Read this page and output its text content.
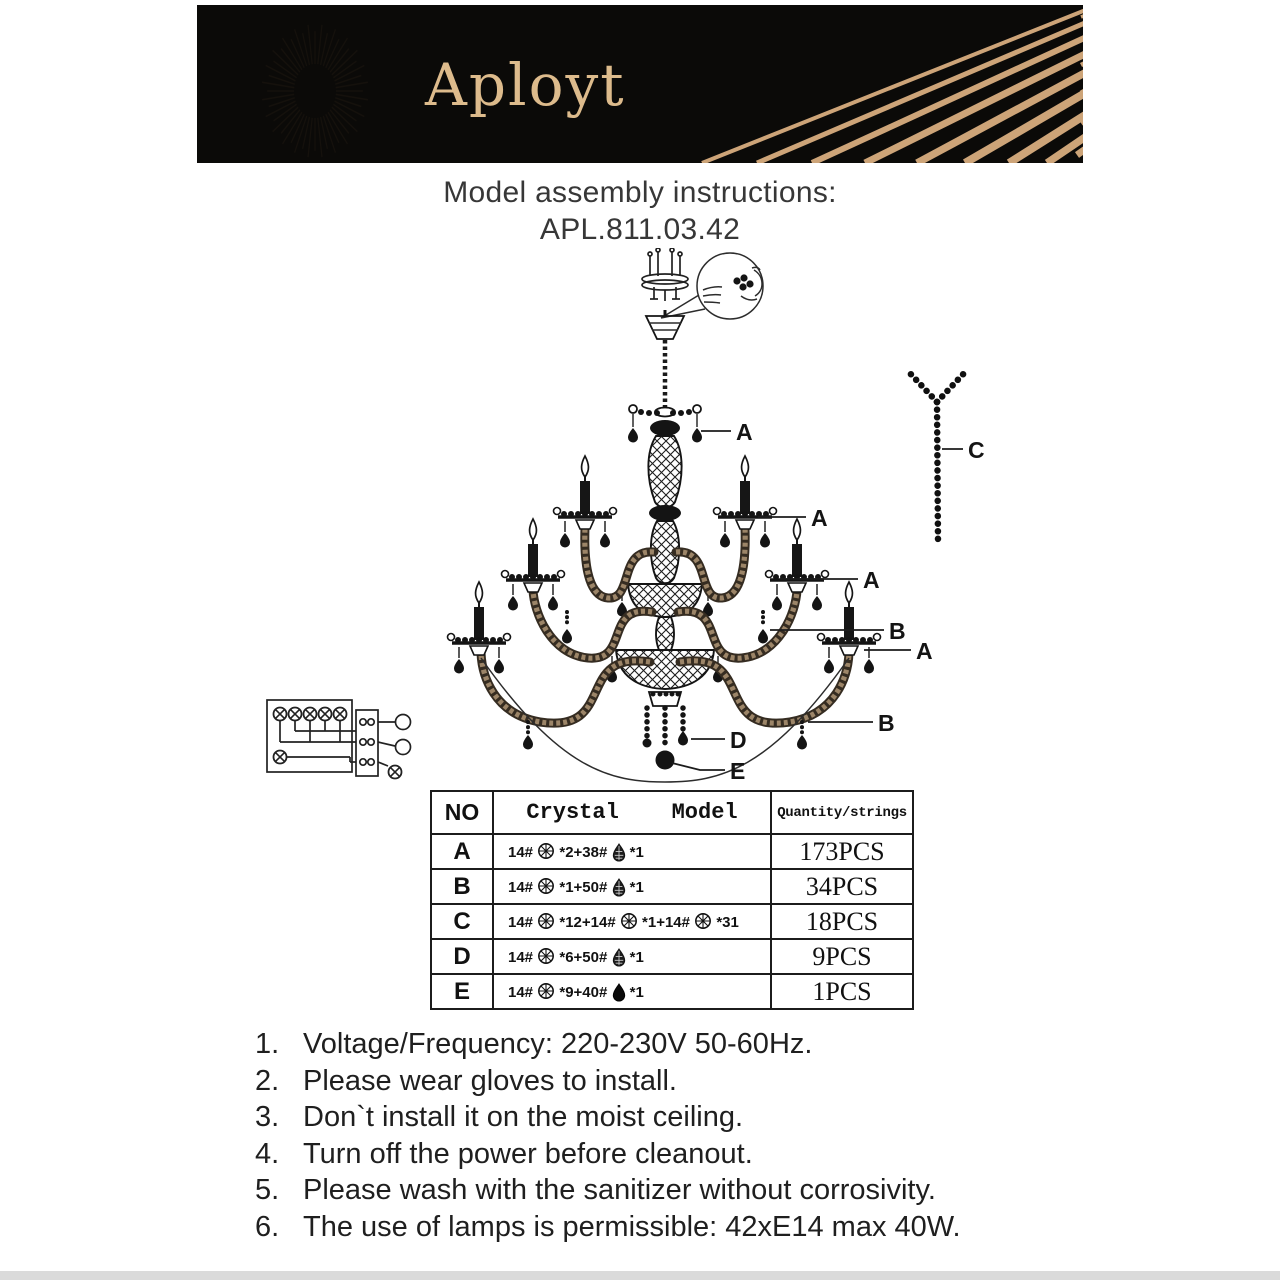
Aployt
Model assembly instructions:
APL.811.03.42
A
A
A
B
A
C
B
D
E
NO	Crystal    Model	Quantity/strings
A	14#  *2+38#  *1	173PCS
B	14#  *1+50#  *1	34PCS
C	14#  *12+14#  *1+14#  *31	18PCS
D	14#  *6+50#  *1	9PCS
E	14#  *9+40#  *1	1PCS
1. Voltage/Frequency: 220-230V 50-60Hz.
2. Please wear gloves to install.
3. Don`t install it on the moist ceiling.
4. Turn off the power before cleanout.
5. Please wash with the sanitizer without corrosivity.
6. The use of lamps is permissible: 42xE14 max 40W.
